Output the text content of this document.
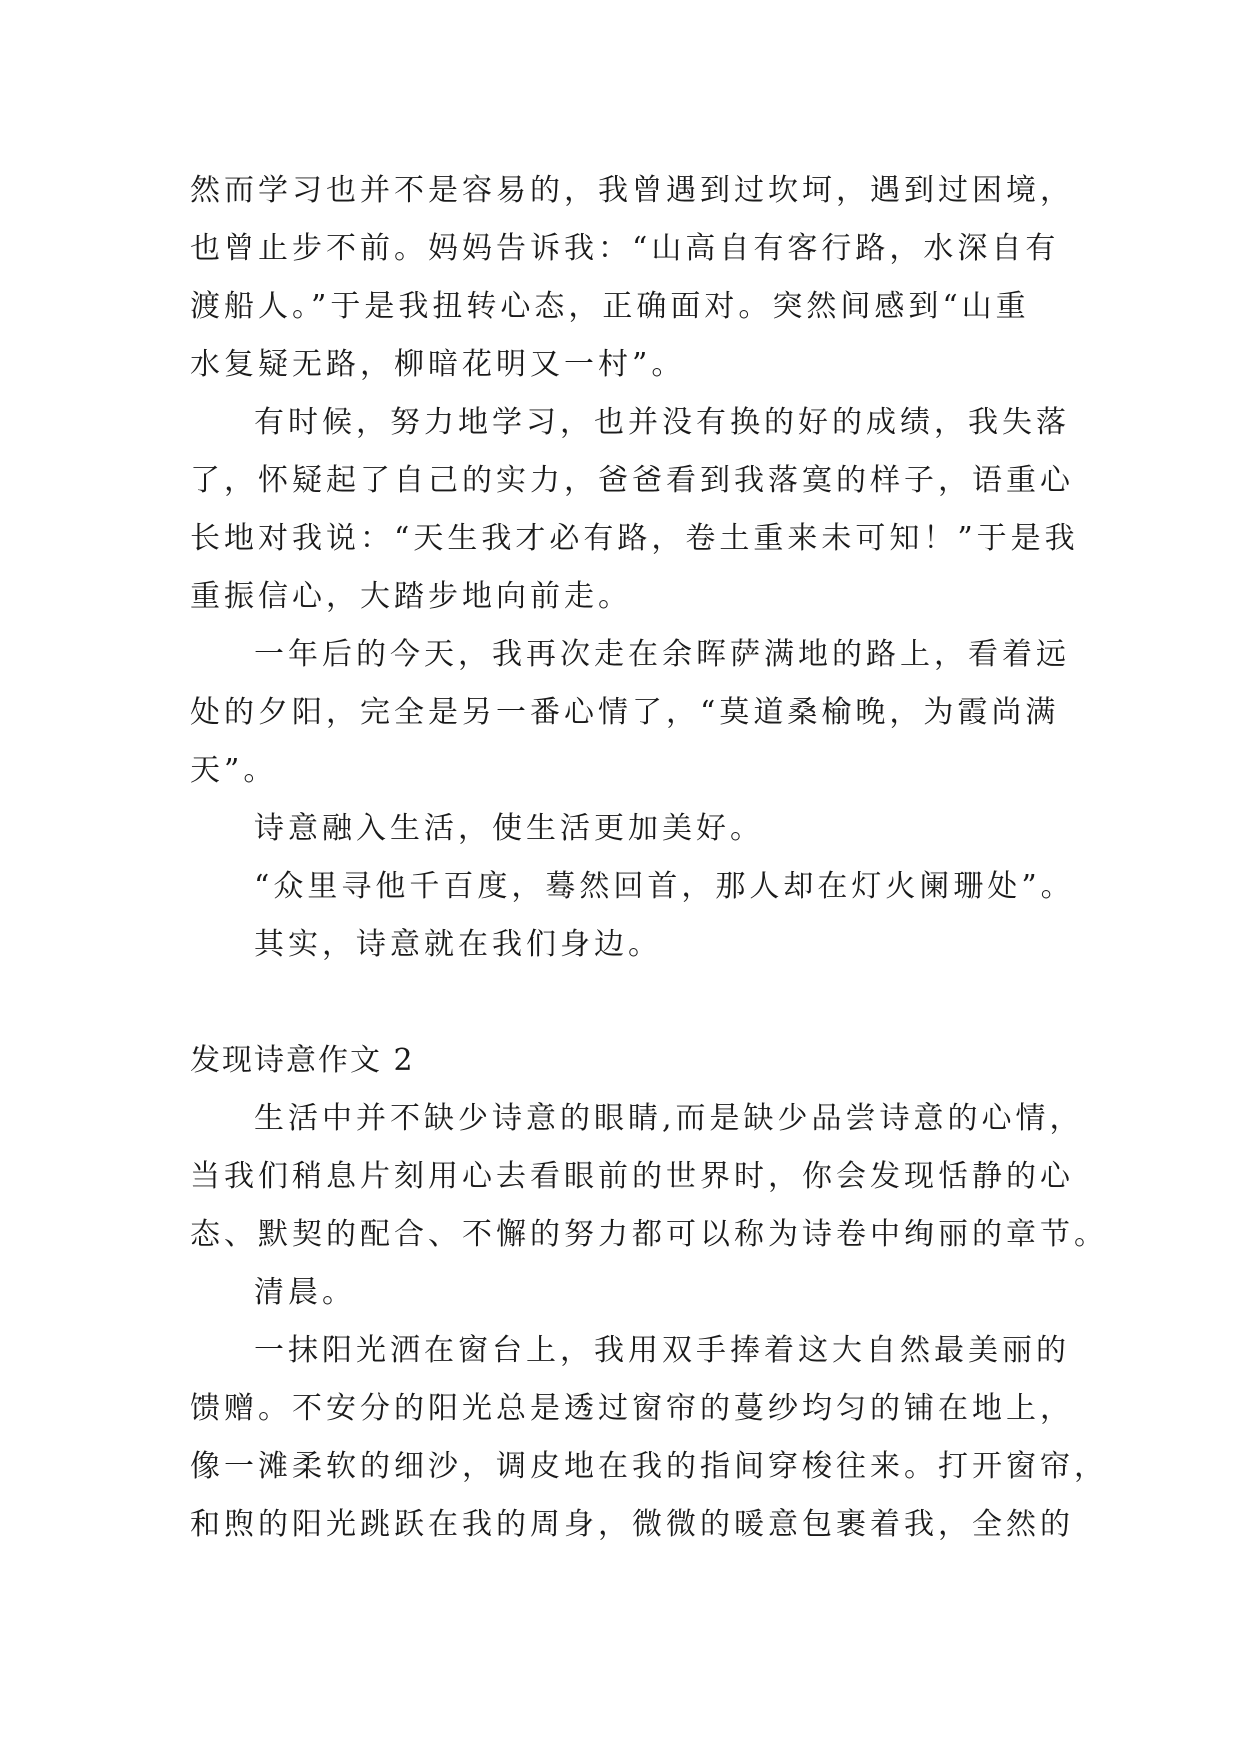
然而学习也并不是容易的，我曾遇到过坎坷，遇到过困境，
也曾止步不前。妈妈告诉我：“山高自有客行路，水深自有
渡船人。”于是我扭转心态，正确面对。突然间感到“山重
水复疑无路，柳暗花明又一村”。
有时候，努力地学习，也并没有换的好的成绩，我失落
了，怀疑起了自己的实力，爸爸看到我落寞的样子，语重心
长地对我说：“天生我才必有路，卷土重来未可知！”于是我
重振信心，大踏步地向前走。
一年后的今天，我再次走在余晖萨满地的路上，看着远
处的夕阳，完全是另一番心情了，“莫道桑榆晚，为霞尚满
天”。
诗意融入生活，使生活更加美好。
“众里寻他千百度，蓦然回首，那人却在灯火阑珊处”。
其实，诗意就在我们身边。
发现诗意作文 2
生活中并不缺少诗意的眼睛,而是缺少品尝诗意的心情，
当我们稍息片刻用心去看眼前的世界时，你会发现恬静的心
态、默契的配合、不懈的努力都可以称为诗卷中绚丽的章节。
清晨。
一抹阳光洒在窗台上，我用双手捧着这大自然最美丽的
馈赠。不安分的阳光总是透过窗帘的蔓纱均匀的铺在地上，
像一滩柔软的细沙，调皮地在我的指间穿梭往来。打开窗帘，
和煦的阳光跳跃在我的周身，微微的暖意包裹着我，全然的
